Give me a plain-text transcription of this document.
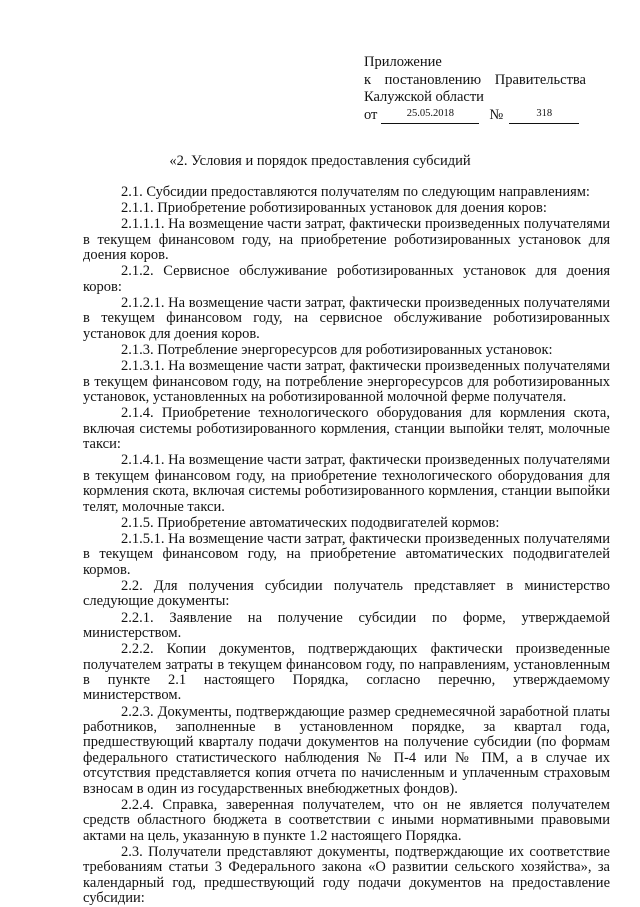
Приложение
к постановлению Правительства
Калужской области
от	25.05.2018	№	318
«2. Условия и порядок предоставления субсидий

2.1. Субсидии предоставляются получателям по следующим направлениям:

2.1.1. Приобретение роботизированных установок для доения коров:

2.1.1.1. На возмещение части затрат, фактически произведенных получателями в текущем финансовом году, на приобретение роботизированных установок для доения коров.

2.1.2. Сервисное обслуживание роботизированных установок для доения коров:

2.1.2.1. На возмещение части затрат, фактически произведенных получателями в текущем финансовом году, на сервисное обслуживание роботизированных установок для доения коров.

2.1.3. Потребление энергоресурсов для роботизированных установок:

2.1.3.1. На возмещение части затрат, фактически произведенных получателями в текущем финансовом году, на потребление энергоресурсов для роботизированных установок, установленных на роботизированной молочной ферме получателя.

2.1.4. Приобретение технологического оборудования для кормления скота, включая системы роботизированного кормления, станции выпойки телят, молочные такси:

2.1.4.1. На возмещение части затрат, фактически произведенных получателями в текущем финансовом году, на приобретение технологического оборудования для кормления скота, включая системы роботизированного кормления, станции выпойки телят, молочные такси.

2.1.5. Приобретение автоматических пододвигателей кормов:

2.1.5.1. На возмещение части затрат, фактически произведенных получателями в текущем финансовом году, на приобретение автоматических пододвигателей кормов.

2.2. Для получения субсидии получатель представляет в министерство следующие документы:

2.2.1. Заявление на получение субсидии по форме, утверждаемой министерством.

2.2.2. Копии документов, подтверждающих фактически произведенные получателем затраты в текущем финансовом году, по направлениям, установленным в пункте 2.1 настоящего Порядка, согласно перечню, утверждаемому министерством.

2.2.3. Документы, подтверждающие размер среднемесячной заработной платы работников, заполненные в установленном порядке, за квартал года, предшествующий кварталу подачи документов на получение субсидии (по формам федерального статистического наблюдения № П-4 или № ПМ, а в случае их отсутствия представляется копия отчета по начисленным и уплаченным страховым взносам в один из государственных внебюджетных фондов).

2.2.4. Справка, заверенная получателем, что он не является получателем средств областного бюджета в соответствии с иными нормативными правовыми актами на цель, указанную в пункте 1.2 настоящего Порядка.

2.3. Получатели представляют документы, подтверждающие их соответствие требованиям статьи 3 Федерального закона «О развитии сельского хозяйства», за календарный год, предшествующий году подачи документов на предоставление субсидии:
